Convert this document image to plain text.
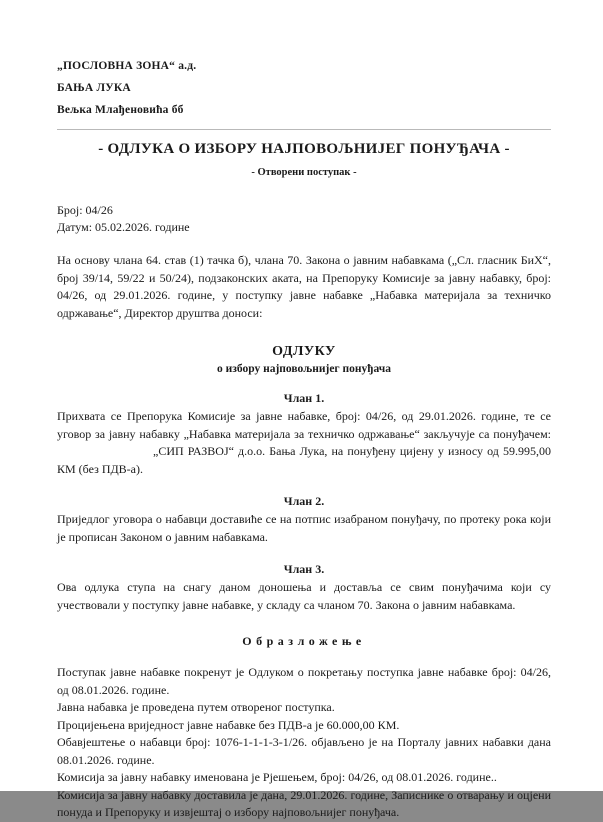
„ПОСЛОВНА ЗОНА“ а.д.
БАЊА ЛУКА
Вељка Млађеновића бб
- ОДЛУКА О ИЗБОРУ НАЈПОВОЉНИЈЕГ ПОНУЂАЧА -
- Отворени поступак -
Број: 04/26
Датум: 05.02.2026. године
На основу члана 64. став (1) тачка б), члана 70. Закона о јавним набавкама („Сл. гласник БиХ“, број 39/14, 59/22 и 50/24), подзаконских аката, на Препоруку Комисије за јавну набавку, број: 04/26, од 29.01.2026. године, у поступку јавне набавке „Набавка материјала за техничко одржавање“, Директор друштва доноси:
ОДЛУКУ
о избору најповољнијег понуђача
Члан 1.
Прихвата се Препорука Комисије за јавне набавке, број: 04/26, од 29.01.2026. године, те се уговор за јавну набавку „Набавка материјала за техничко одржавање“ закључује са понуђачем: „СИП РАЗВОЈ“ д.о.о. Бања Лука, на понуђену цијену у износу од 59.995,00 КМ (без ПДВ-а).
Члан 2.
Приједлог уговора о набавци доставиће се на потпис изабраном понуђачу, по протеку рока који је прописан Законом о јавним набавкама.
Члан 3.
Ова одлука ступа на снагу даном доношења и доставља се свим понуђачима који су учествовали у поступку јавне набавке, у складу са чланом 70. Закона о јавним набавкама.
Образложење

Поступак јавне набавке покренут је Одлуком о покретању поступка јавне набавке број: 04/26, од 08.01.2026. године.

Јавна набавка је проведена путем отвореног поступка.

Процијењена вриједност јавне набавке без ПДВ-а је 60.000,00 КМ.

Обавјештење о набавци број: 1076-1-1-1-3-1/26. објављено је на Порталу јавних набавки дана 08.01.2026. године.

Комисија за јавну набавку именована је Рјешењем, број: 04/26, од 08.01.2026. године..

Комисија за јавну набавку доставила је дана, 29.01.2026. године, Записнике о отварању и оцјени понуда и Препоруку и извјештај о избору најповољнијег понуђача.
